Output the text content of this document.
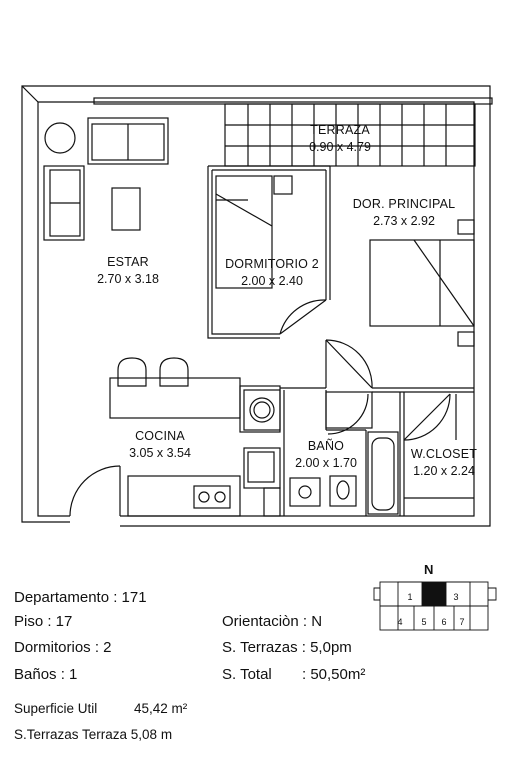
TERRAZA
0.90 x 4.79
ESTAR
2.70 x 3.18
DORMITORIO 2
2.00 x 2.40
DOR. PRINCIPAL
2.73 x 2.92
COCINA
3.05 x 3.54	BAÑO
2.00 x 1.70
W.CLOSET
1.20 x 2.24
Departamento : 171
Piso : 17
Dormitorios : 2
Baños : 1
Orientaciòn : N
S. Terrazas : 5,0pm
S. Total : 50,50m²
Superficie Util	45,42 m²
S.Terrazas Terraza 5,08 m
N
1	3
4	5	6	7
